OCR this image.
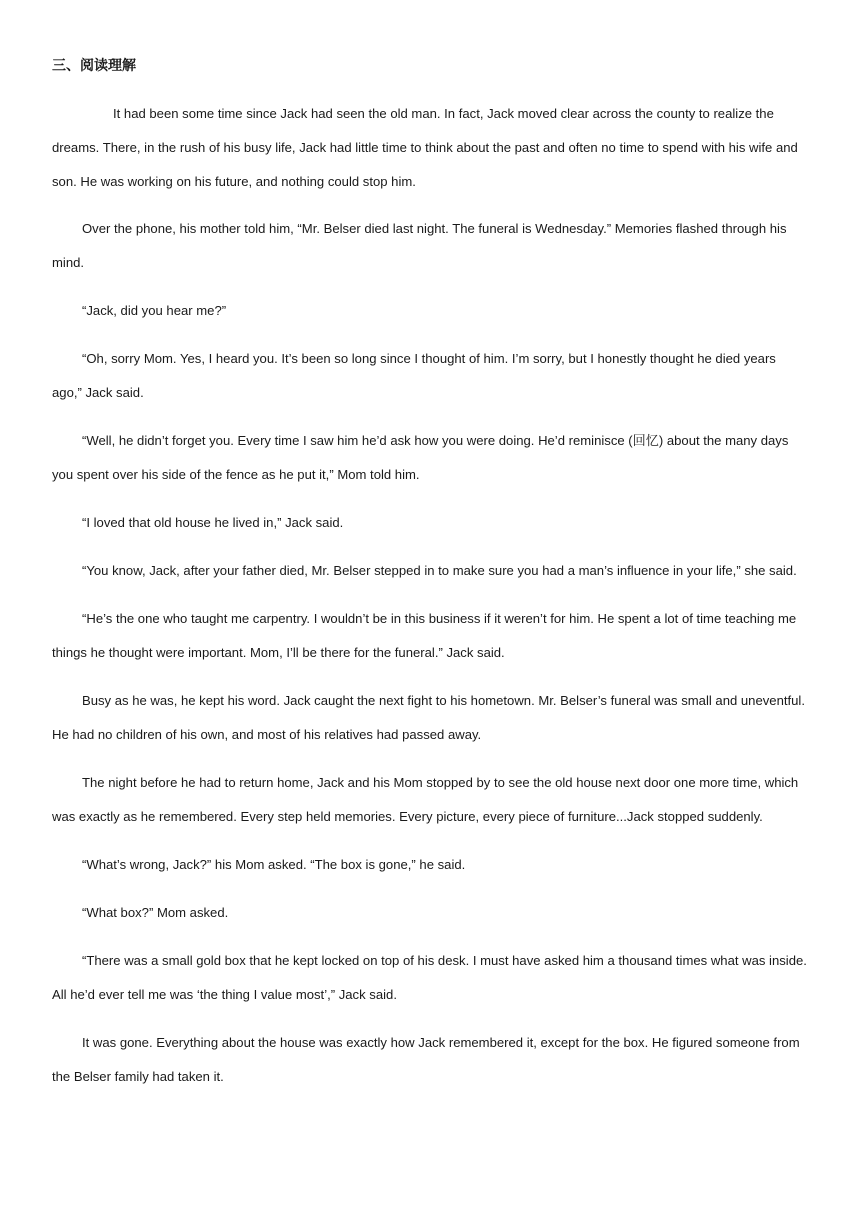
三、阅读理解

It had been some time since Jack had seen the old man. In fact, Jack moved clear across the county to realize the dreams. There, in the rush of his busy life, Jack had little time to think about the past and often no time to spend with his wife and son. He was working on his future, and nothing could stop him.

Over the phone, his mother told him, “Mr. Belser died last night. The funeral is Wednesday.” Memories flashed through his mind.

“Jack, did you hear me?”

“Oh, sorry Mom. Yes, I heard you. It’s been so long since I thought of him. I’m sorry, but I honestly thought he died years ago,” Jack said.

“Well, he didn’t forget you. Every time I saw him he’d ask how you were doing. He’d reminisce (回忆) about the many days you spent over his side of the fence as he put it,” Mom told him.

“I loved that old house he lived in,” Jack said.

“You know, Jack, after your father died, Mr. Belser stepped in to make sure you had a man’s influence in your life,” she said.

“He’s the one who taught me carpentry. I wouldn’t be in this business if it weren’t for him. He spent a lot of time teaching me things he thought were important. Mom, I’ll be there for the funeral.” Jack said.

Busy as he was, he kept his word. Jack caught the next fight to his hometown. Mr. Belser’s funeral was small and uneventful. He had no children of his own, and most of his relatives had passed away.

The night before he had to return home, Jack and his Mom stopped by to see the old house next door one more time, which was exactly as he remembered. Every step held memories. Every picture, every piece of furniture...Jack stopped suddenly.

“What’s wrong, Jack?” his Mom asked. “The box is gone,” he said.

“What box?” Mom asked.

“There was a small gold box that he kept locked on top of his desk. I must have asked him a thousand times what was inside. All he’d ever tell me was ‘the thing I value most’,” Jack said.

It was gone. Everything about the house was exactly how Jack remembered it, except for the box. He figured someone from the Belser family had taken it.
